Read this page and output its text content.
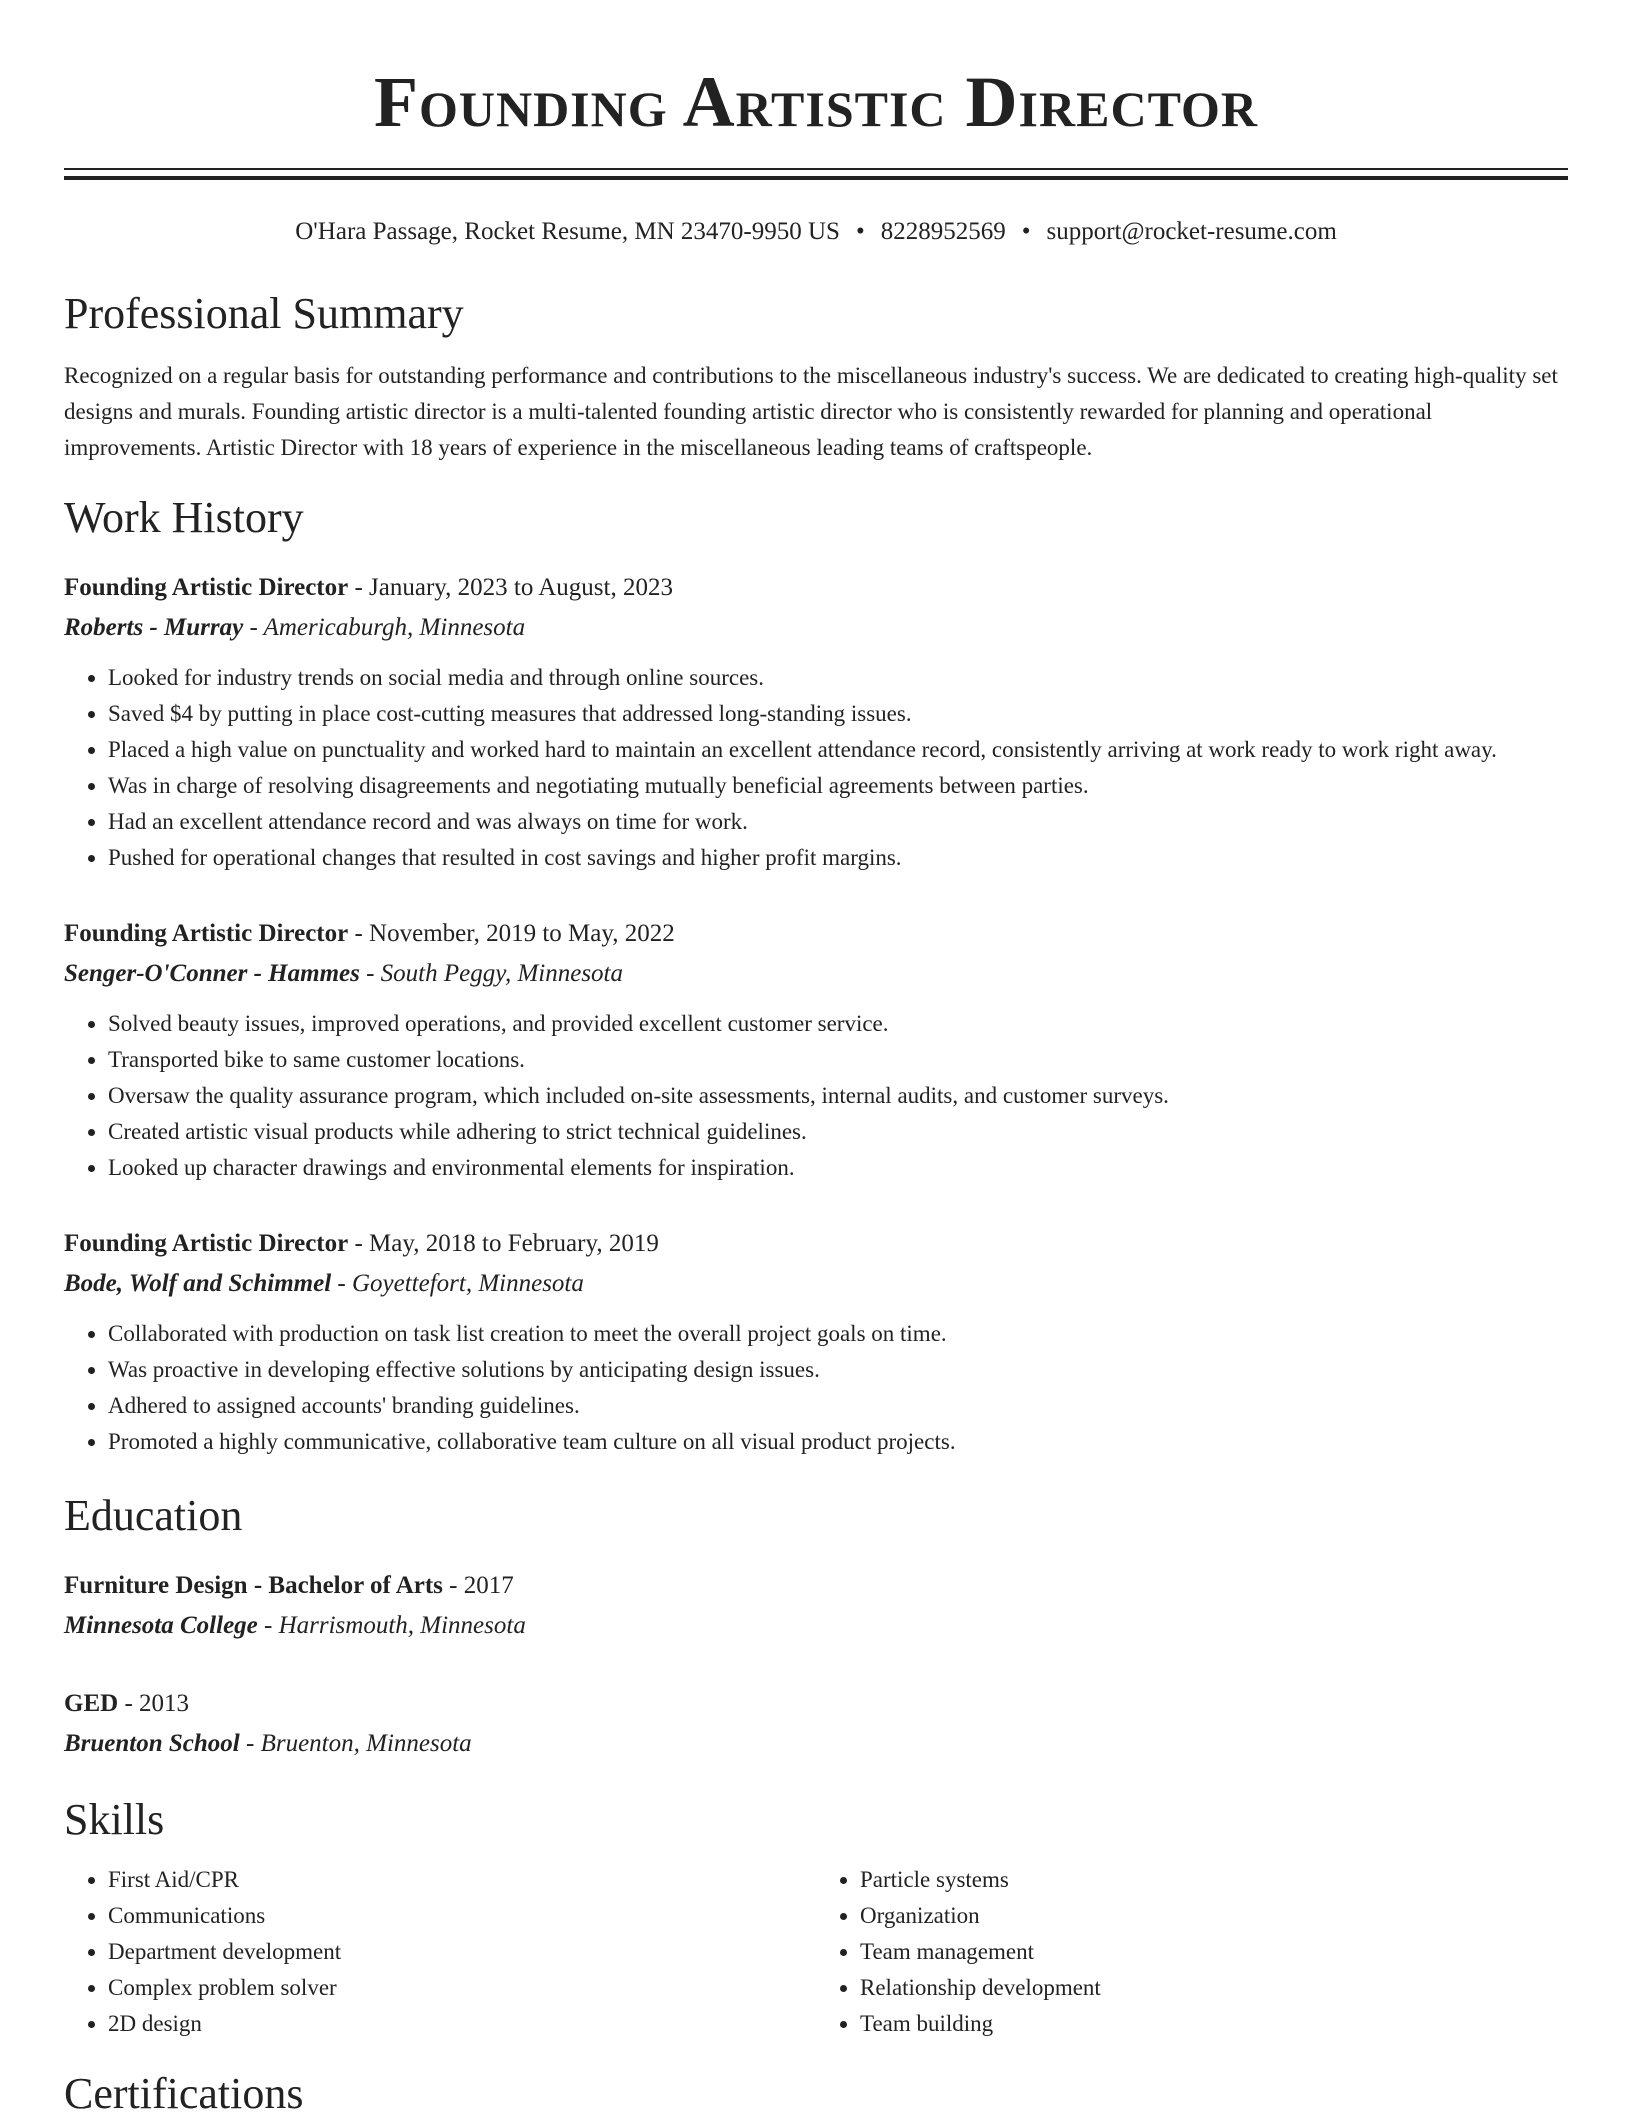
Founding Artistic Director
O'Hara Passage, Rocket Resume, MN 23470-9950 US • 8228952569 • support@rocket-resume.com
Professional Summary
Recognized on a regular basis for outstanding performance and contributions to the miscellaneous industry's success. We are dedicated to creating high-quality set designs and murals. Founding artistic director is a multi-talented founding artistic director who is consistently rewarded for planning and operational improvements. Artistic Director with 18 years of experience in the miscellaneous leading teams of craftspeople.
Work History
Founding Artistic Director - January, 2023 to August, 2023
Roberts - Murray - Americaburgh, Minnesota
• Looked for industry trends on social media and through online sources.
• Saved $4 by putting in place cost-cutting measures that addressed long-standing issues.
• Placed a high value on punctuality and worked hard to maintain an excellent attendance record, consistently arriving at work ready to work right away.
• Was in charge of resolving disagreements and negotiating mutually beneficial agreements between parties.
• Had an excellent attendance record and was always on time for work.
• Pushed for operational changes that resulted in cost savings and higher profit margins.
Founding Artistic Director - November, 2019 to May, 2022
Senger-O'Conner - Hammes - South Peggy, Minnesota
• Solved beauty issues, improved operations, and provided excellent customer service.
• Transported bike to same customer locations.
• Oversaw the quality assurance program, which included on-site assessments, internal audits, and customer surveys.
• Created artistic visual products while adhering to strict technical guidelines.
• Looked up character drawings and environmental elements for inspiration.
Founding Artistic Director - May, 2018 to February, 2019
Bode, Wolf and Schimmel - Goyettefort, Minnesota
• Collaborated with production on task list creation to meet the overall project goals on time.
• Was proactive in developing effective solutions by anticipating design issues.
• Adhered to assigned accounts' branding guidelines.
• Promoted a highly communicative, collaborative team culture on all visual product projects.
Education
Furniture Design - Bachelor of Arts - 2017
Minnesota College - Harrismouth, Minnesota
GED - 2013
Bruenton School - Bruenton, Minnesota
Skills
• First Aid/CPR
• Communications
• Department development
• Complex problem solver
• 2D design
• Particle systems
• Organization
• Team management
• Relationship development
• Team building
Certifications
